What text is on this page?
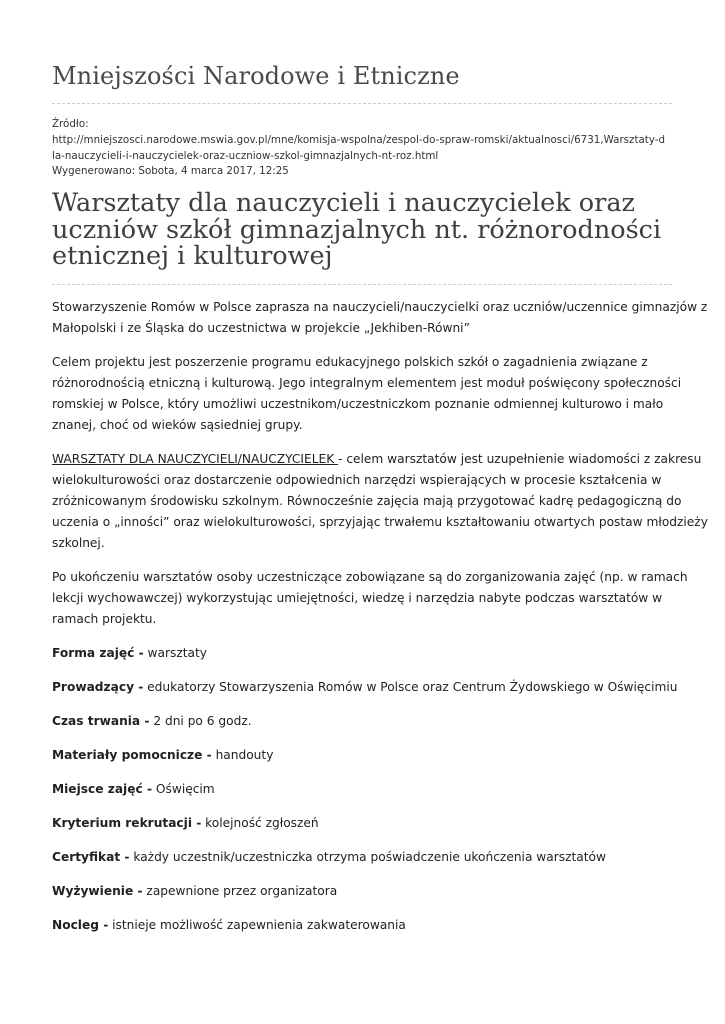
Mniejszości Narodowe i Etniczne
Źródło:
http://mniejszosci.narodowe.mswia.gov.pl/mne/komisja-wspolna/zespol-do-spraw-romski/aktualnosci/6731,Warsztaty-d
la-nauczycieli-i-nauczycielek-oraz-uczniow-szkol-gimnazjalnych-nt-roz.html
Wygenerowano: Sobota, 4 marca 2017, 12:25
Warsztaty dla nauczycieli i nauczycielek oraz
uczniów szkół gimnazjalnych nt. różnorodności
etnicznej i kulturowej

Stowarzyszenie Romów w Polsce zaprasza na nauczycieli/nauczycielki oraz uczniów/uczennice gimnazjów z
Małopolski i ze Śląska do uczestnictwa w projekcie „Jekhiben-Równi”

Celem projektu jest poszerzenie programu edukacyjnego polskich szkół o zagadnienia związane z
różnorodnością etniczną i kulturową. Jego integralnym elementem jest moduł poświęcony społeczności
romskiej w Polsce, który umożliwi uczestnikom/uczestniczkom poznanie odmiennej kulturowo i mało
znanej, choć od wieków sąsiedniej grupy.

WARSZTATY DLA NAUCZYCIELI/NAUCZYCIELEK - celem warsztatów jest uzupełnienie wiadomości z zakresu
wielokulturowości oraz dostarczenie odpowiednich narzędzi wspierających w procesie kształcenia w
zróżnicowanym środowisku szkolnym. Równocześnie zajęcia mają przygotować kadrę pedagogiczną do
uczenia o „inności” oraz wielokulturowości, sprzyjając trwałemu kształtowaniu otwartych postaw młodzieży
szkolnej.

Po ukończeniu warsztatów osoby uczestniczące zobowiązane są do zorganizowania zajęć (np. w ramach
lekcji wychowawczej) wykorzystując umiejętności, wiedzę i narzędzia nabyte podczas warsztatów w
ramach projektu.

Forma zajęć - warsztaty
Prowadzący - edukatorzy Stowarzyszenia Romów w Polsce oraz Centrum Żydowskiego w Oświęcimiu
Czas trwania - 2 dni po 6 godz.
Materiały pomocnicze - handouty
Miejsce zajęć - Oświęcim
Kryterium rekrutacji - kolejność zgłoszeń
Certyfikat - każdy uczestnik/uczestniczka otrzyma poświadczenie ukończenia warsztatów
Wyżywienie - zapewnione przez organizatora
Nocleg - istnieje możliwość zapewnienia zakwaterowania
